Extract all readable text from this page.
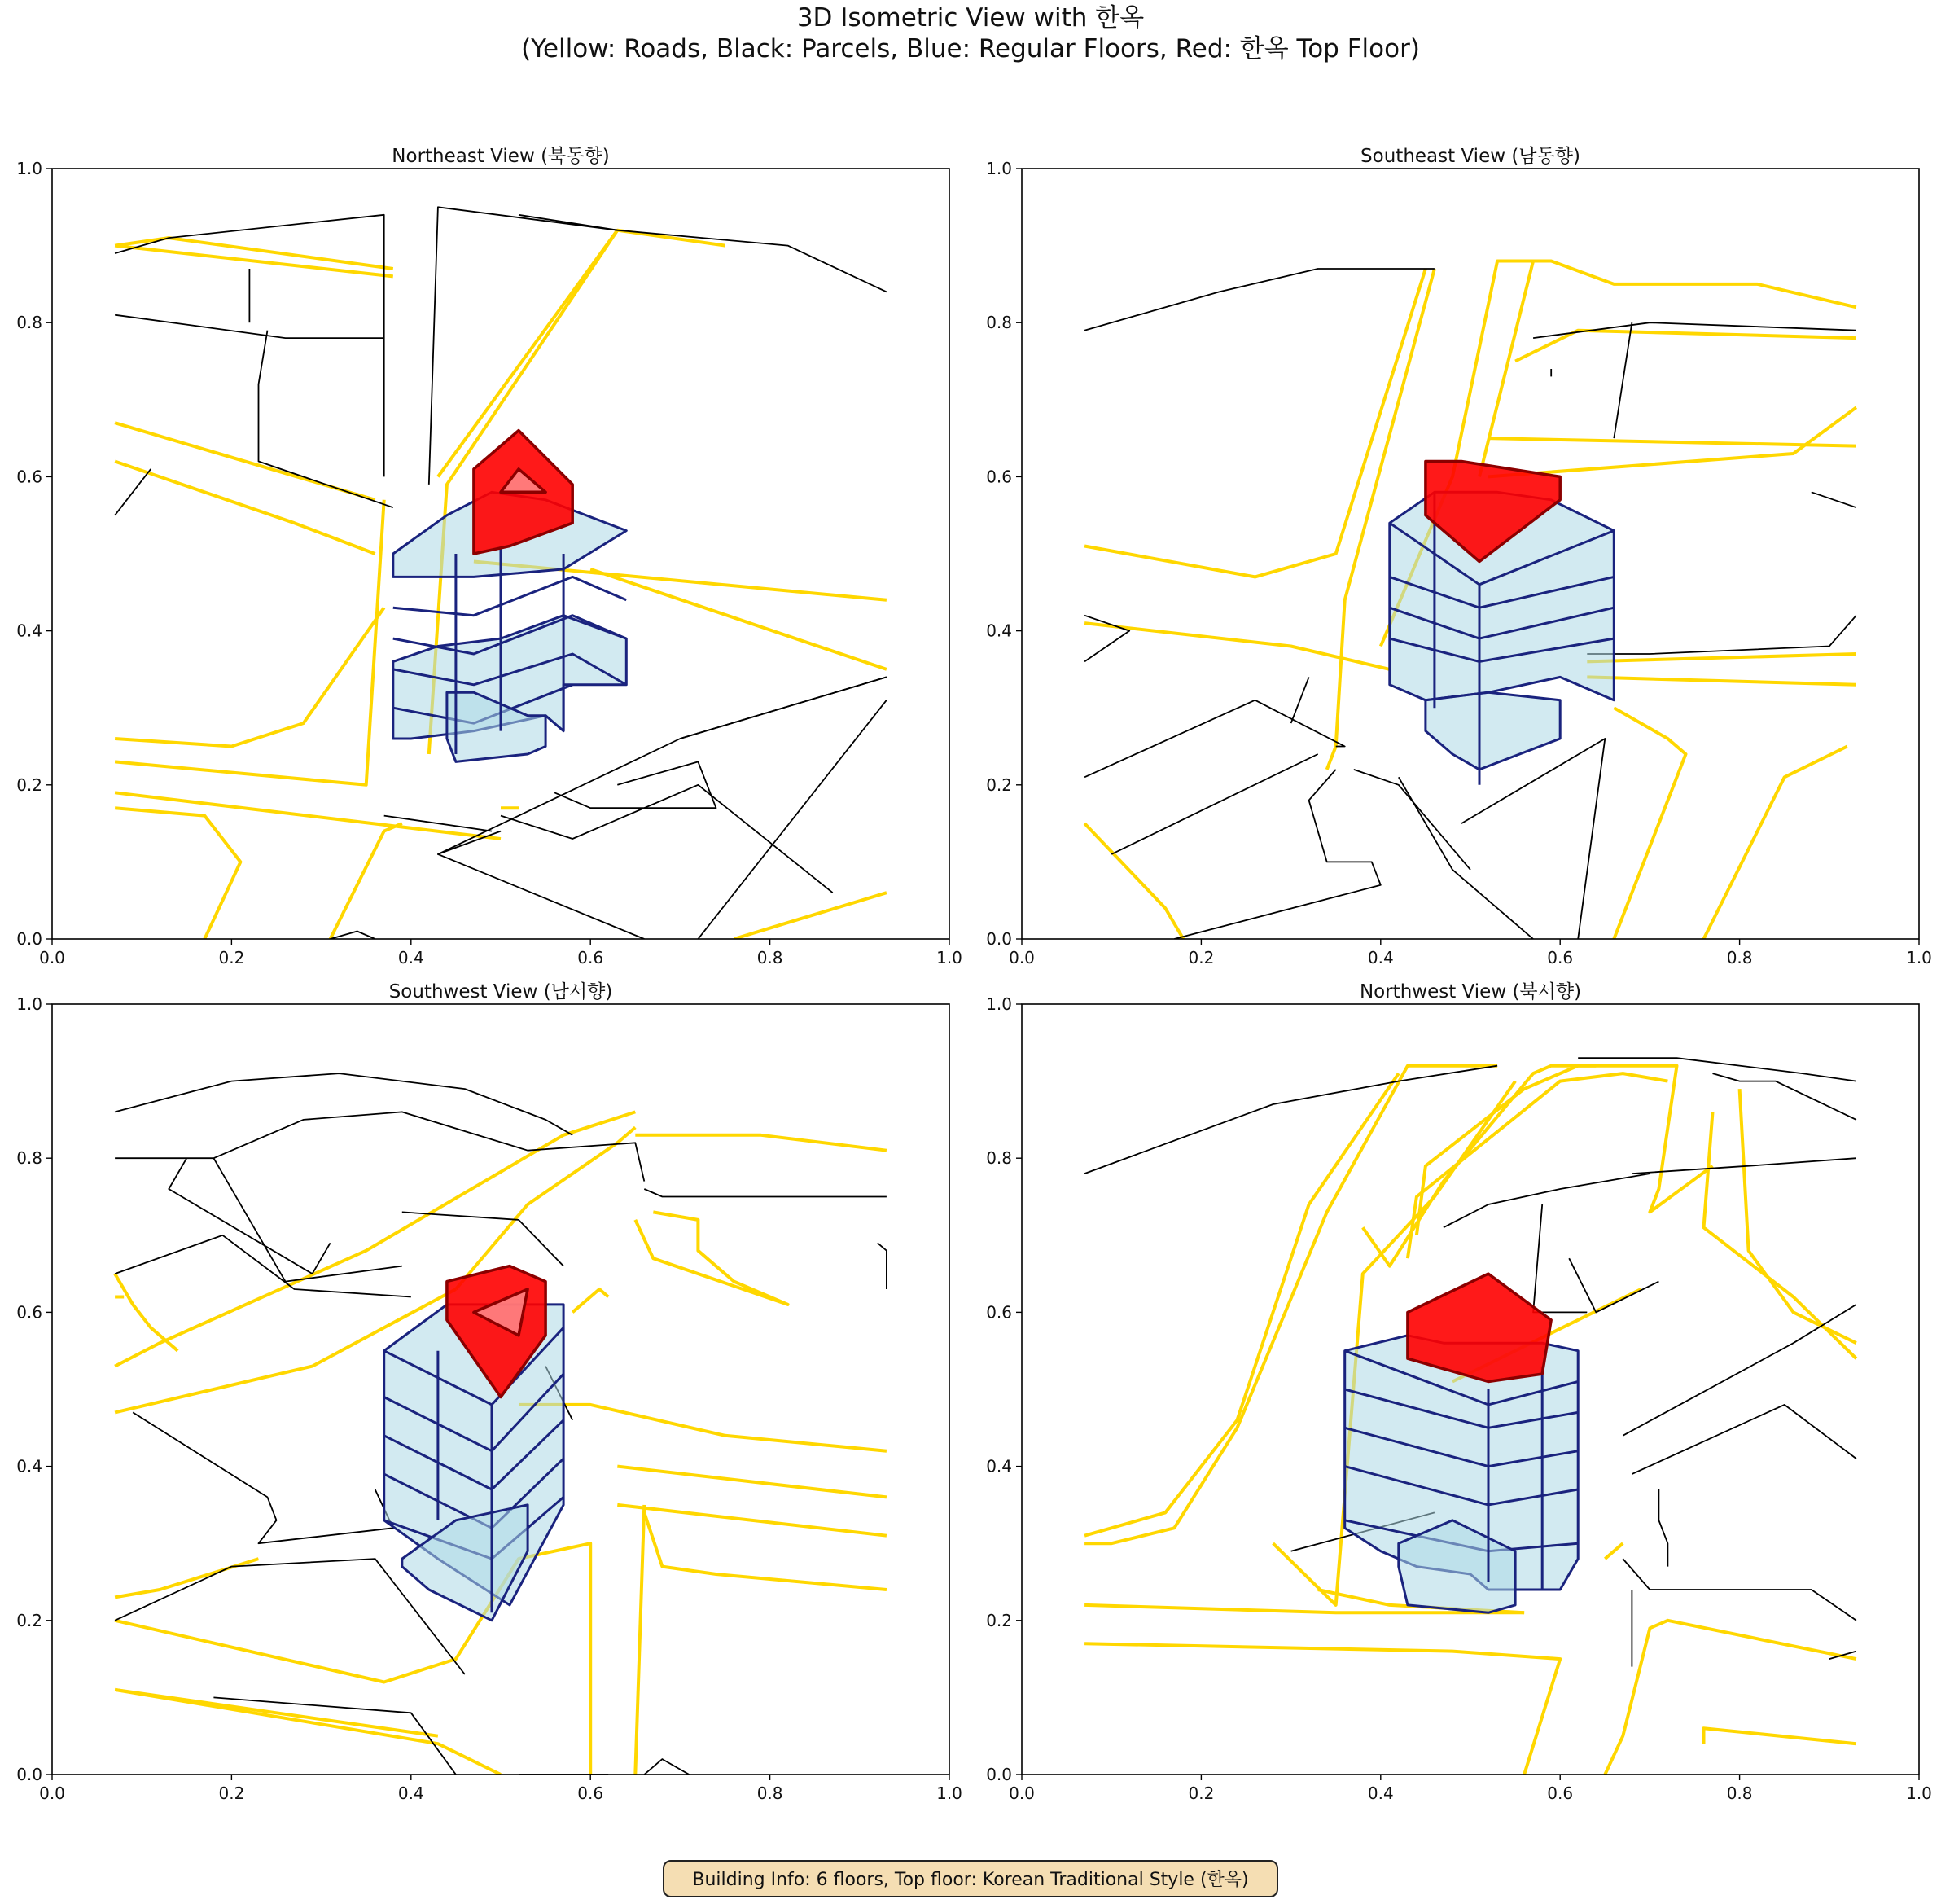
3D Isometric View with 한옥
(Yellow: Roads, Black: Parcels, Blue: Regular Floors, Red: 한옥 Top Floor)
0.0	0.2	0.4	0.6	0.8	1.0
0.0
0.2
0.4
0.6
0.8
1.0
Northeast View (북동향)
0.0	0.2	0.4	0.6	0.8	1.0
0.0
0.2
0.4
0.6
0.8
1.0
Southeast View (남동향)
0.0	0.2	0.4	0.6	0.8	1.0
0.0
0.2
0.4
0.6
0.8
1.0
Southwest View (남서향)
0.0	0.2	0.4	0.6	0.8	1.0
0.0
0.2
0.4
0.6
0.8
1.0
Northwest View (북서향)
Building Info: 6 floors, Top floor: Korean Traditional Style (한옥)
